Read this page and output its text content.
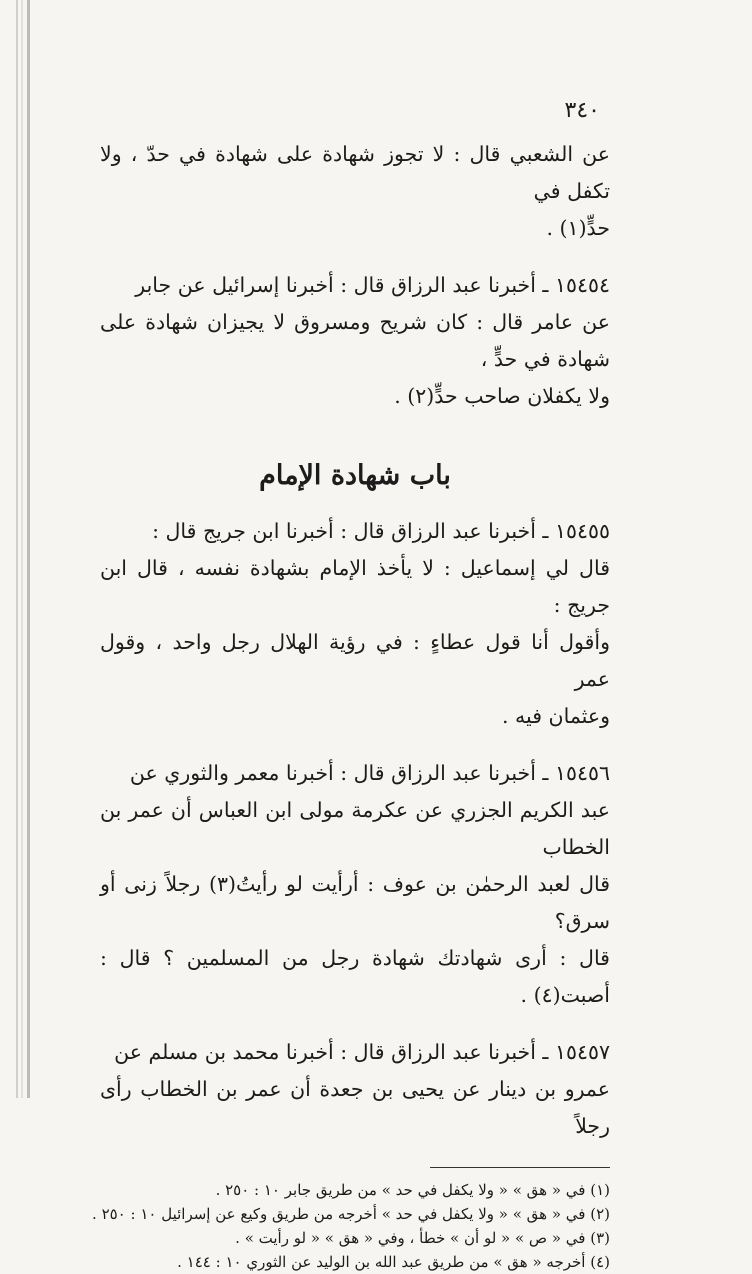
٣٤٠
عن الشعبي قال : لا تجوز شهادة على شهادة في حدّ ، ولا تكفل في
حدٍّ(١) .
١٥٤٥٤ ـ أخبرنا عبد الرزاق قال : أخبرنا إسرائيل عن جابر
عن عامر قال : كان شريح ومسروق لا يجيزان شهادة على شهادة في حدٍّ ،
ولا يكفلان صاحب حدٍّ(٢) .
باب شهادة الإمام
١٥٤٥٥ ـ أخبرنا عبد الرزاق قال : أخبرنا ابن جريج قال :
قال لي إسماعيل : لا يأخذ الإمام بشهادة نفسه ، قال ابن جريج :
وأقول أنا قول عطاءٍ : في رؤية الهلال رجل واحد ، وقول عمر
وعثمان فيه .
١٥٤٥٦ ـ أخبرنا عبد الرزاق قال : أخبرنا معمر والثوري عن
عبد الكريم الجزري عن عكرمة مولى ابن العباس أن عمر بن الخطاب
قال لعبد الرحمٰن بن عوف : أرأيت لو رأيتُ(٣) رجلاً زنى أو سرق؟
قال : أرى شهادتك شهادة رجل من المسلمين ؟ قال : أصبت(٤) .
١٥٤٥٧ ـ أخبرنا عبد الرزاق قال : أخبرنا محمد بن مسلم عن
عمرو بن دينار عن يحيى بن جعدة أن عمر بن الخطاب رأى رجلاً
(١) في « هق » « ولا يكفل في حد » من طريق جابر ١٠ : ٢٥٠ .
(٢) في « هق » « ولا يكفل في حد » أخرجه من طريق وكيع عن إسرائيل ١٠ : ٢٥٠ .
(٣) في « ص » « لو أن » خطأ ، وفي « هق » « لو رأيت » .
(٤) أخرجه « هق » من طريق عبد الله بن الوليد عن الثوري ١٠ : ١٤٤ .
